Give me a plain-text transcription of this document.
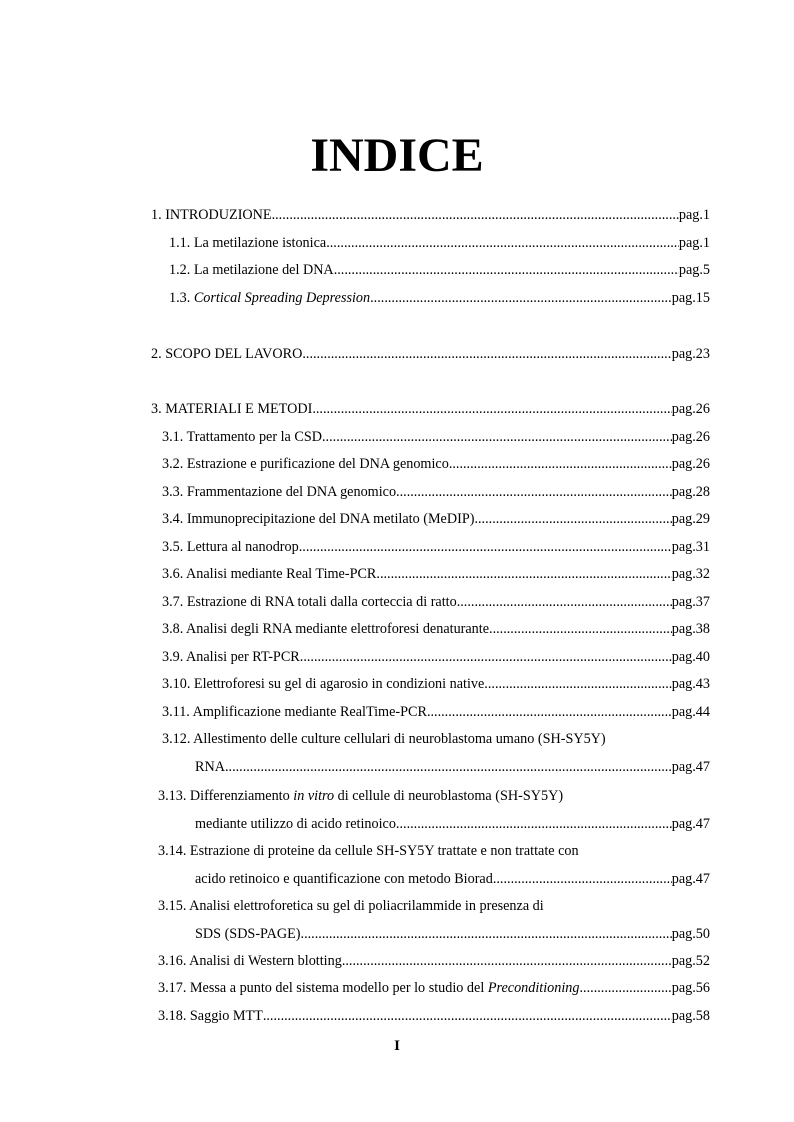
INDICE
1. INTRODUZIONE .....	pag.1
1.1. La metilazione istonica .....	pag.1
1.2. La metilazione del DNA .....	pag.5
1.3. Cortical Spreading Depression .....	pag.15
2. SCOPO DEL LAVORO .....	pag.23
3. MATERIALI E METODI .....	pag.26
3.1. Trattamento per la CSD .....	pag.26
3.2. Estrazione e purificazione del DNA genomico .....	pag.26
3.3. Frammentazione del DNA genomico .....	pag.28
3.4. Immunoprecipitazione del DNA metilato (MeDIP) .....	pag.29
3.5. Lettura al nanodrop .....	pag.31
3.6. Analisi mediante Real Time-PCR .....	pag.32
3.7. Estrazione di RNA totali dalla corteccia di ratto .....	pag.37
3.8. Analisi degli RNA mediante elettroforesi denaturante .....	pag.38
3.9. Analisi per RT-PCR .....	pag.40
3.10. Elettroforesi su gel di agarosio in condizioni native .....	pag.43
3.11. Amplificazione mediante RealTime-PCR .....	pag.44
3.12. Allestimento delle culture cellulari di neuroblastoma umano (SH-SY5Y)
RNA .....	pag.47
3.13. Differenziamento in vitro di cellule di neuroblastoma (SH-SY5Y)
mediante utilizzo di acido retinoico .....	pag.47
3.14. Estrazione di proteine da cellule SH-SY5Y trattate e non trattate con
acido retinoico e quantificazione con metodo Biorad .....	pag.47
3.15. Analisi elettroforetica su gel di poliacrilammide in presenza di
SDS (SDS-PAGE) .....	pag.50
3.16. Analisi di Western blotting .....	pag.52
3.17. Messa a punto del sistema modello per lo studio del Preconditioning .....	pag.56
3.18. Saggio MTT .....	pag.58
I
